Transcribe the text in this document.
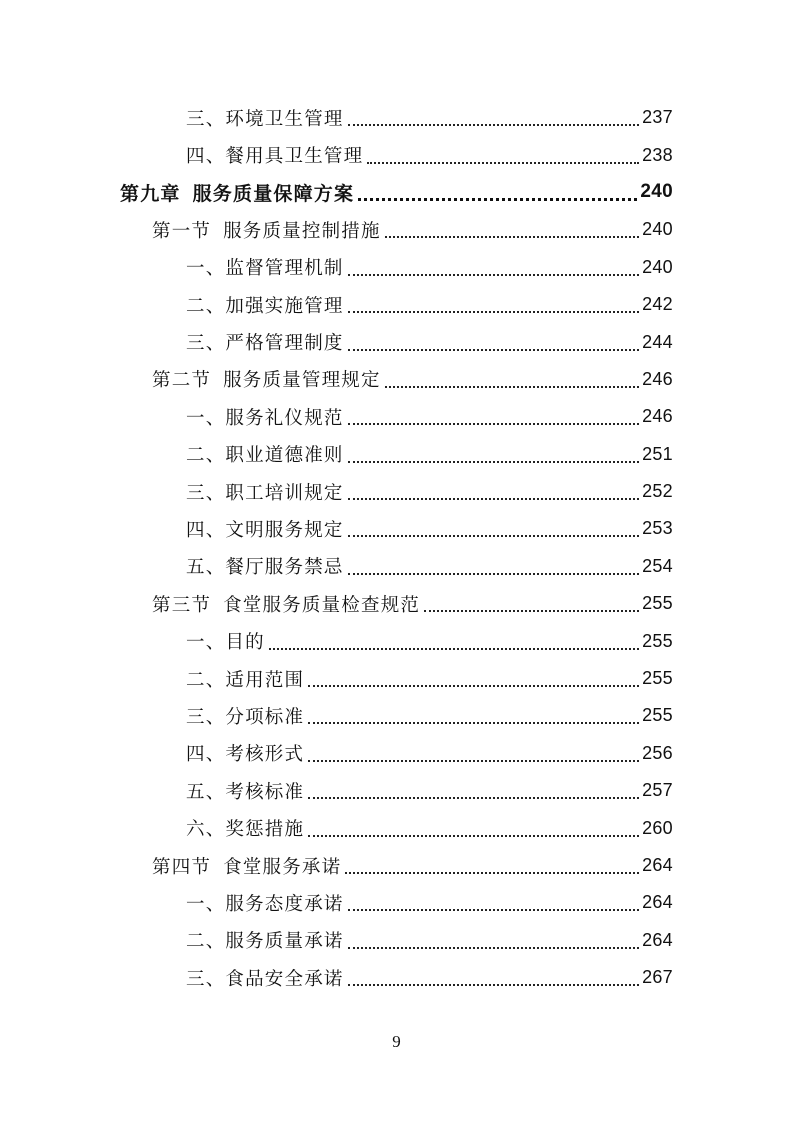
三、环境卫生管理	237
四、餐用具卫生管理	238
第九章 服务质量保障方案	240
第一节 服务质量控制措施	240
一、监督管理机制	240
二、加强实施管理	242
三、严格管理制度	244
第二节 服务质量管理规定	246
一、服务礼仪规范	246
二、职业道德准则	251
三、职工培训规定	252
四、文明服务规定	253
五、餐厅服务禁忌	254
第三节 食堂服务质量检查规范	255
一、目的	255
二、适用范围	255
三、分项标准	255
四、考核形式	256
五、考核标准	257
六、奖惩措施	260
第四节 食堂服务承诺	264
一、服务态度承诺	264
二、服务质量承诺	264
三、食品安全承诺	267
9
